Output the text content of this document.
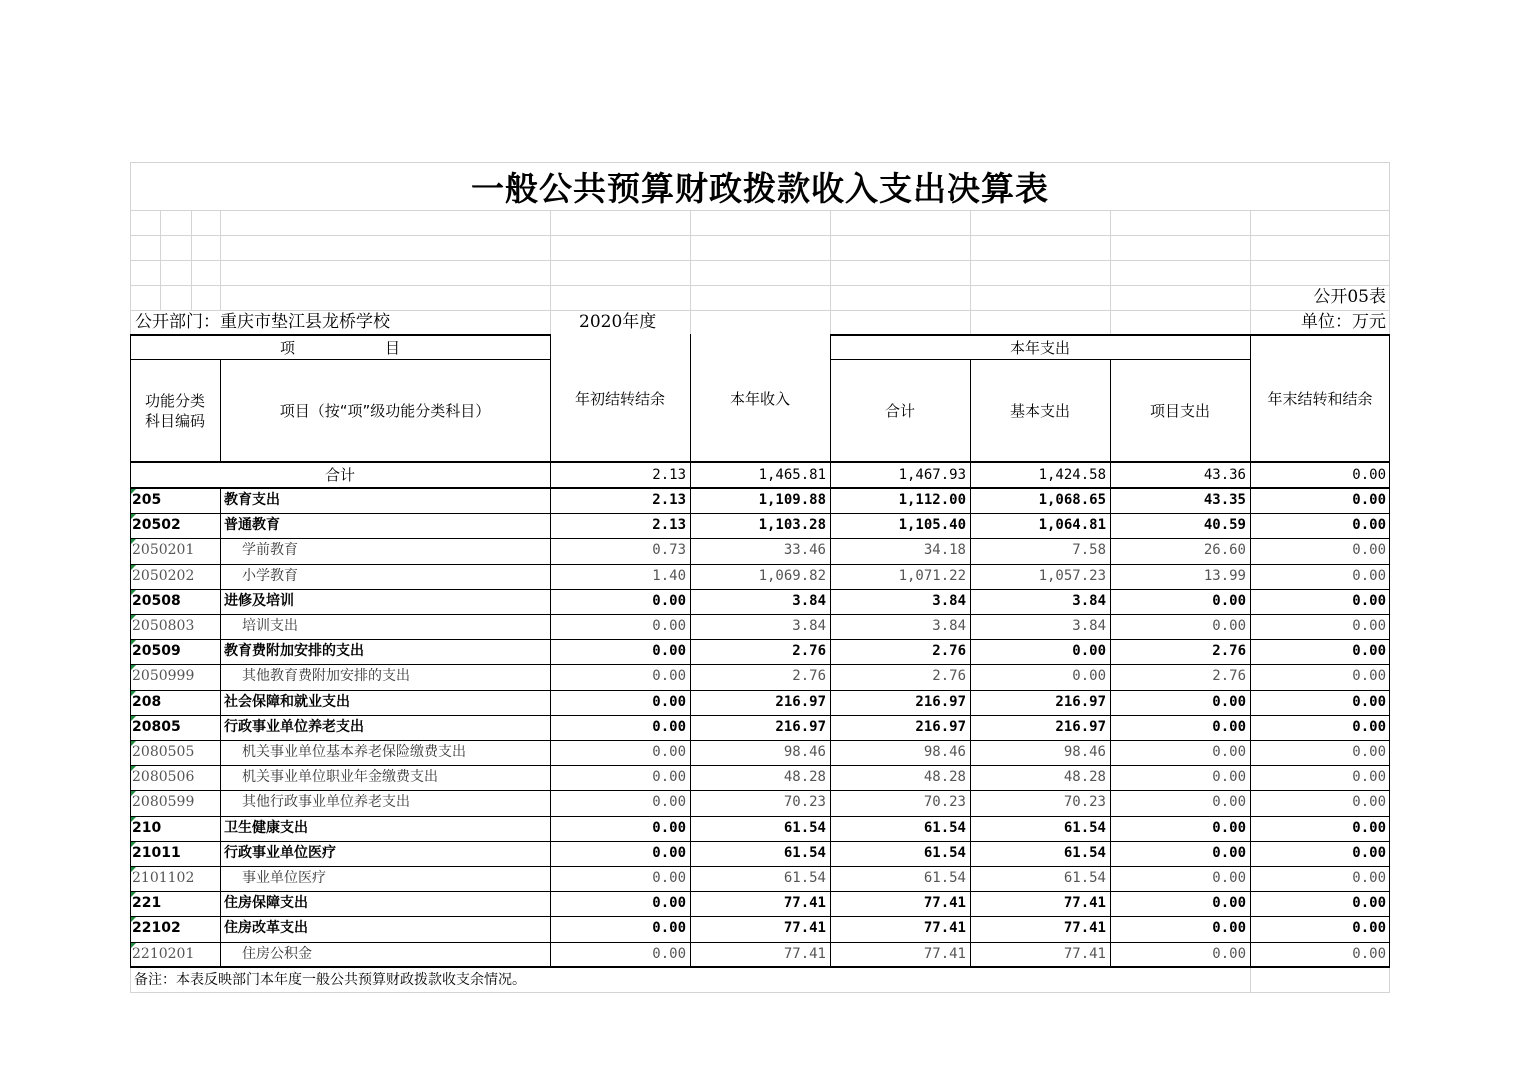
一般公共预算财政拨款收入支出决算表
公开05表
公开部门：重庆市垫江县龙桥学校	2020年度	单位：万元
项　　　　　　目
功能分类
科目编码
项目（按“项”级功能分类科目）
年初结转结余	本年收入
本年支出
合计	基本支出	项目支出
年末结转和结余
合计	2.13	1,465.81	1,467.93	1,424.58	43.36	0.00
205	教育支出	2.13	1,109.88	1,112.00	1,068.65	43.35	0.00
20502	普通教育	2.13	1,103.28	1,105.40	1,064.81	40.59	0.00
2050201	学前教育	0.73	33.46	34.18	7.58	26.60	0.00
2050202	小学教育	1.40	1,069.82	1,071.22	1,057.23	13.99	0.00
20508	进修及培训	0.00	3.84	3.84	3.84	0.00	0.00
2050803	培训支出	0.00	3.84	3.84	3.84	0.00	0.00
20509	教育费附加安排的支出	0.00	2.76	2.76	0.00	2.76	0.00
2050999	其他教育费附加安排的支出	0.00	2.76	2.76	0.00	2.76	0.00
208	社会保障和就业支出	0.00	216.97	216.97	216.97	0.00	0.00
20805	行政事业单位养老支出	0.00	216.97	216.97	216.97	0.00	0.00
2080505	机关事业单位基本养老保险缴费支出	0.00	98.46	98.46	98.46	0.00	0.00
2080506	机关事业单位职业年金缴费支出	0.00	48.28	48.28	48.28	0.00	0.00
2080599	其他行政事业单位养老支出	0.00	70.23	70.23	70.23	0.00	0.00
210	卫生健康支出	0.00	61.54	61.54	61.54	0.00	0.00
21011	行政事业单位医疗	0.00	61.54	61.54	61.54	0.00	0.00
2101102	事业单位医疗	0.00	61.54	61.54	61.54	0.00	0.00
221	住房保障支出	0.00	77.41	77.41	77.41	0.00	0.00
22102	住房改革支出	0.00	77.41	77.41	77.41	0.00	0.00
2210201	住房公积金	0.00	77.41	77.41	77.41	0.00	0.00
备注：本表反映部门本年度一般公共预算财政拨款收支余情况。
